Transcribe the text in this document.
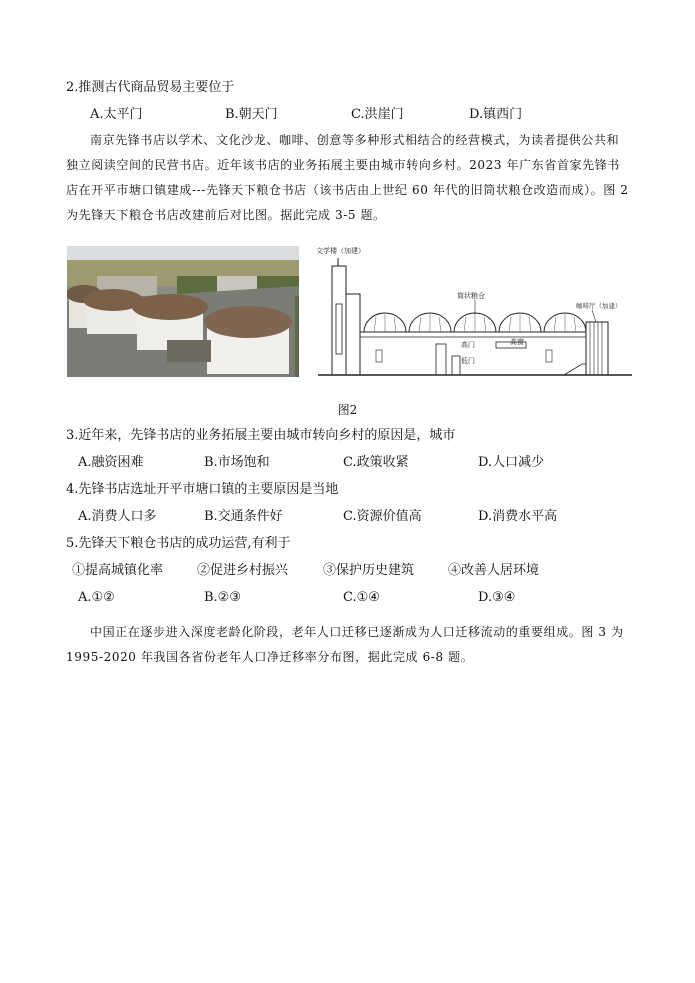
2.推测古代商品贸易主要位于
A.太平门	B.朝天门	C.洪崖门	D.镇西门
南京先锋书店以学术、文化沙龙、咖啡、创意等多种形式相结合的经营模式，为读者提供公共和独立阅读空间的民营书店。近年该书店的业务拓展主要由城市转向乡村。2023 年广东省首家先锋书店在开平市塘口镇建成---先锋天下粮仓书店（该书店由上世纪 60 年代的旧筒状粮仓改造而成）。图 2 为先锋天下粮仓书店改建前后对比图。据此完成 3-5 题。
文学楼（加建）
筒状粮仓
咖啡厅（加建）
高门	高窗
低门
图2
3.近年来，先锋书店的业务拓展主要由城市转向乡村的原因是，城市
A.融资困难	B.市场饱和	C.政策收紧	D.人口减少
4.先锋书店选址开平市塘口镇的主要原因是当地
A.消费人口多	B.交通条件好	C.资源价值高	D.消费水平高
5.先锋天下粮仓书店的成功运营,有利于
①提高城镇化率	②促进乡村振兴	③保护历史建筑	④改善人居环境
A.①②	B.②③	C.①④	D.③④
中国正在逐步进入深度老龄化阶段，老年人口迁移已逐渐成为人口迁移流动的重要组成。图 3 为 1995-2020 年我国各省份老年人口净迁移率分布图，据此完成 6-8 题。
